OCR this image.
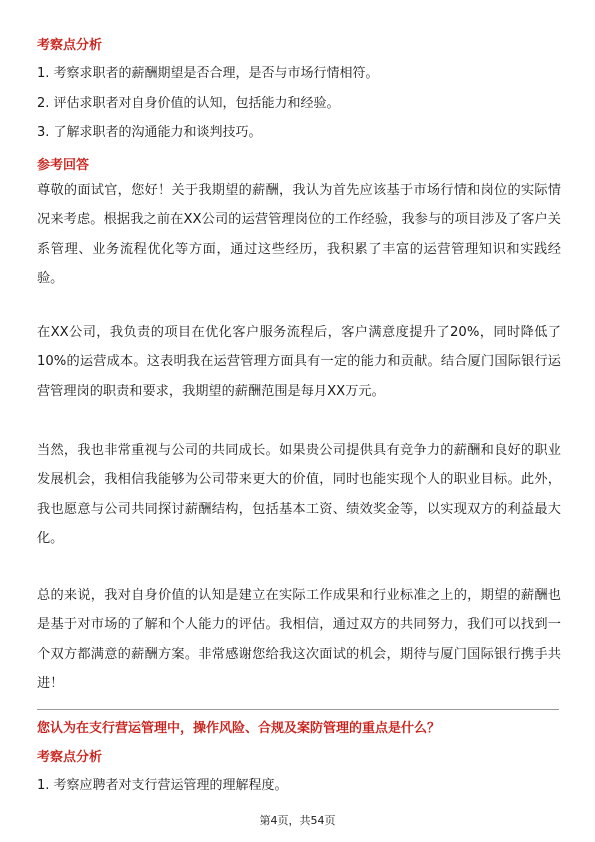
考察点分析
1. 考察求职者的薪酬期望是否合理，是否与市场行情相符。
2. 评估求职者对自身价值的认知，包括能力和经验。
3. 了解求职者的沟通能力和谈判技巧。
参考回答

尊敬的面试官，您好！关于我期望的薪酬，我认为首先应该基于市场行情和岗位的实际情况来考虑。根据我之前在XX公司的运营管理岗位的工作经验，我参与的项目涉及了客户关系管理、业务流程优化等方面，通过这些经历，我积累了丰富的运营管理知识和实践经验。

在XX公司，我负责的项目在优化客户服务流程后，客户满意度提升了20%，同时降低了10%的运营成本。这表明我在运营管理方面具有一定的能力和贡献。结合厦门国际银行运营管理岗的职责和要求，我期望的薪酬范围是每月XX万元。

当然，我也非常重视与公司的共同成长。如果贵公司提供具有竞争力的薪酬和良好的职业发展机会，我相信我能够为公司带来更大的价值，同时也能实现个人的职业目标。此外，我也愿意与公司共同探讨薪酬结构，包括基本工资、绩效奖金等，以实现双方的利益最大化。

总的来说，我对自身价值的认知是建立在实际工作成果和行业标准之上的，期望的薪酬也是基于对市场的了解和个人能力的评估。我相信，通过双方的共同努力，我们可以找到一个双方都满意的薪酬方案。非常感谢您给我这次面试的机会，期待与厦门国际银行携手共进！

您认为在支行营运管理中，操作风险、合规及案防管理的重点是什么？
考察点分析
1. 考察应聘者对支行营运管理的理解程度。
第4页，共54页
